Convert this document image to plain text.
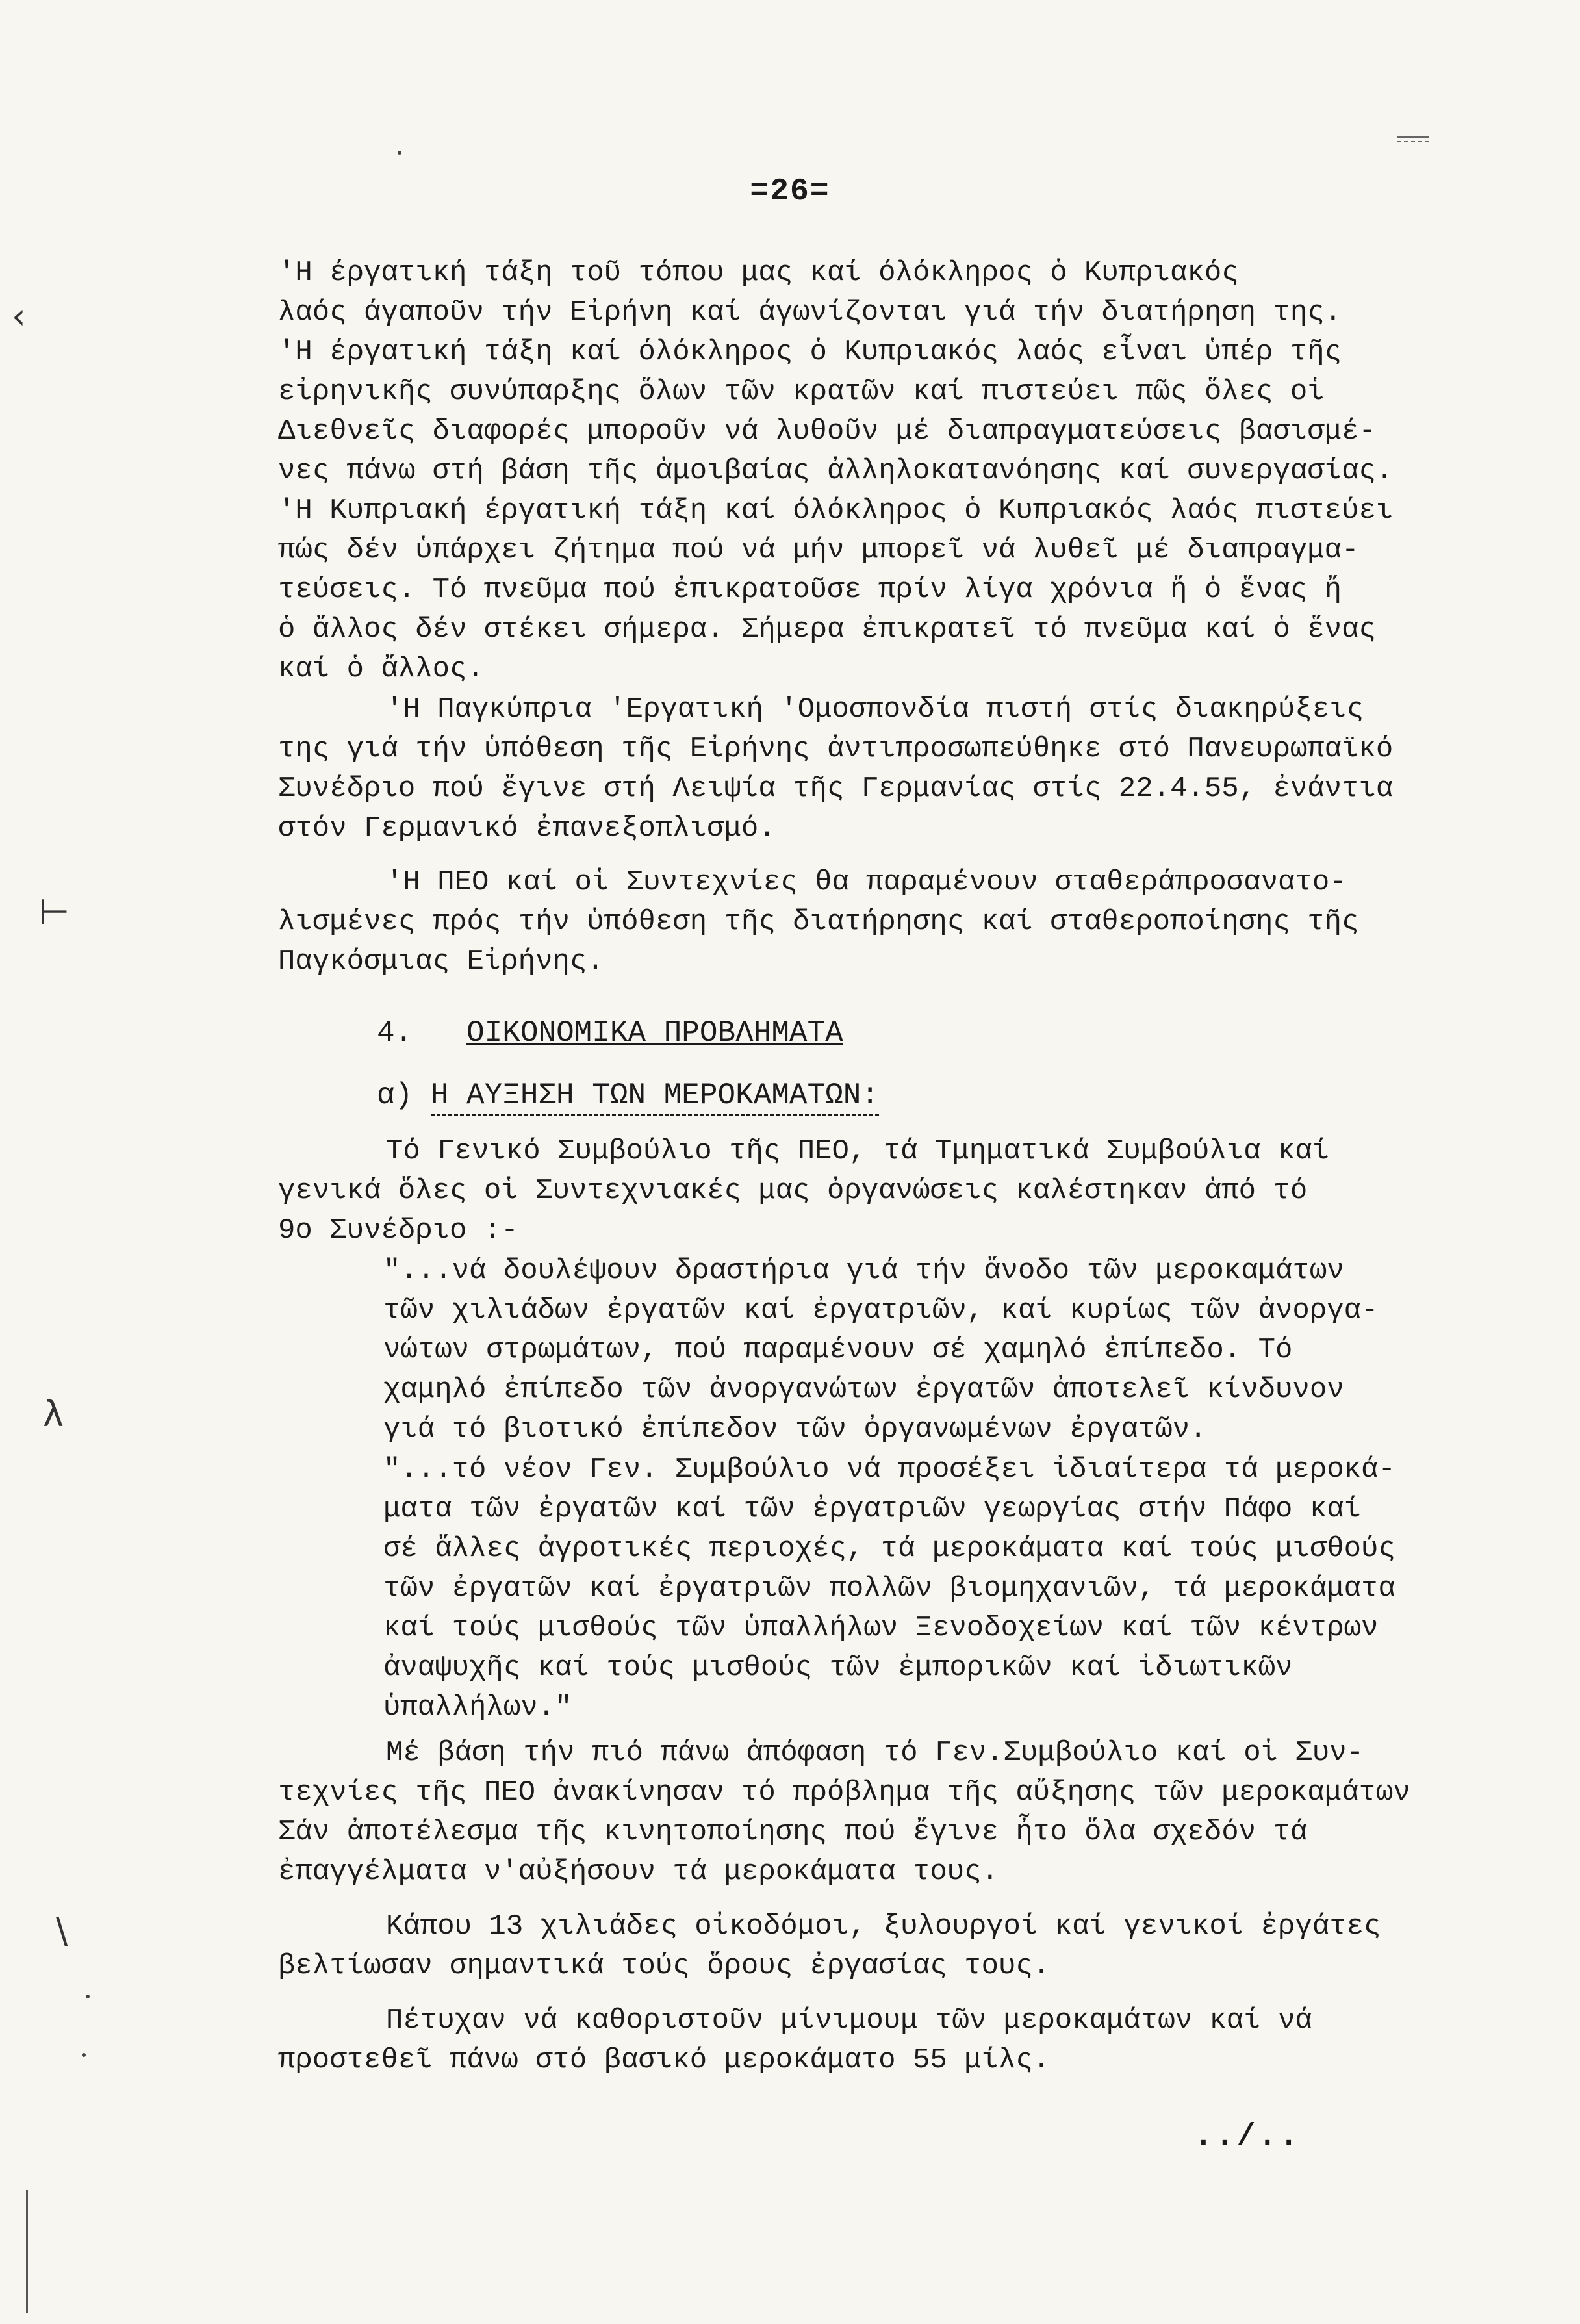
=26=
'Η έργατική τάξη τοῦ τόπου μας καί όλόκληρος ὁ Κυπριακός
λαός άγαποῦν τήν Εἰρήνη καί άγωνίζονται γιά τήν διατήρηση της.
'Η έργατική τάξη καί όλόκληρος ὁ Κυπριακός λαός εἶναι ὑπέρ τῆς
εἰρηνικῆς συνύπαρξης ὅλων τῶν κρατῶν καί πιστεύει πῶς ὅλες οἱ
Διεθνεῖς διαφορές μποροῦν νά λυθοῦν μέ διαπραγματεύσεις βασισμέ-
νες πάνω στή βάση τῆς ἀμοιβαίας ἀλληλοκατανόησης καί συνεργασίας.
'Η Κυπριακή έργατική τάξη καί όλόκληρος ὁ Κυπριακός λαός πιστεύει
πώς δέν ὑπάρχει ζήτημα πού νά μήν μπορεῖ νά λυθεῖ μέ διαπραγμα-
τεύσεις. Τό πνεῦμα πού ἐπικρατοῦσε πρίν λίγα χρόνια ἤ ὁ ἕνας ἤ
ὁ ἄλλος δέν στέκει σήμερα. Σήμερα ἐπικρατεῖ τό πνεῦμα καί ὁ ἕνας
καί ὁ ἄλλος.
'Η Παγκύπρια 'Εργατική 'Ομοσπονδία πιστή στίς διακηρύξεις
της γιά τήν ὑπόθεση τῆς Εἰρήνης ἀντιπροσωπεύθηκε στό Πανευρωπαϊκό
Συνέδριο πού ἔγινε στή Λειψία τῆς Γερμανίας στίς 22.4.55, ἐνάντια
στόν Γερμανικό ἐπανεξοπλισμό.
'Η ΠΕΟ καί οἱ Συντεχνίες θα παραμένουν σταθεράπροσανατο-
λισμένες πρός τήν ὑπόθεση τῆς διατήρησης καί σταθεροποίησης τῆς
Παγκόσμιας Εἰρήνης.
4. ΟΙΚΟΝΟΜΙΚΑ ΠΡΟΒΛΗΜΑΤΑ
α) Η ΑΥΞΗΣΗ ΤΩΝ ΜΕΡΟΚΑΜΑΤΩΝ:
Τό Γενικό Συμβούλιο τῆς ΠΕΟ, τά Τμηματικά Συμβούλια καί
γενικά ὅλες οἱ Συντεχνιακές μας ὀργανώσεις καλέστηκαν ἀπό τό
9ο Συνέδριο :-
"...νά δουλέψουν δραστήρια γιά τήν ἄνοδο τῶν μεροκαμάτων
τῶν χιλιάδων ἐργατῶν καί ἐργατριῶν, καί κυρίως τῶν ἀνοργα-
νώτων στρωμάτων, πού παραμένουν σέ χαμηλό ἐπίπεδο. Τό
χαμηλό ἐπίπεδο τῶν ἀνοργανώτων ἐργατῶν ἀποτελεῖ κίνδυνον
γιά τό βιοτικό ἐπίπεδον τῶν ὀργανωμένων ἐργατῶν.
"...τό νέον Γεν. Συμβούλιο νά προσέξει ἰδιαίτερα τά μεροκά-
ματα τῶν ἐργατῶν καί τῶν ἐργατριῶν γεωργίας στήν Πάφο καί
σέ ἄλλες ἀγροτικές περιοχές, τά μεροκάματα καί τούς μισθούς
τῶν ἐργατῶν καί ἐργατριῶν πολλῶν βιομηχανιῶν, τά μεροκάματα
καί τούς μισθούς τῶν ὑπαλλήλων Ξενοδοχείων καί τῶν κέντρων
ἀναψυχῆς καί τούς μισθούς τῶν ἐμπορικῶν καί ἰδιωτικῶν
ὑπαλλήλων."
Μέ βάση τήν πιό πάνω ἀπόφαση τό Γεν.Συμβούλιο καί οἱ Συν-
τεχνίες τῆς ΠΕΟ ἀνακίνησαν τό πρόβλημα τῆς αὔξησης τῶν μεροκαμάτων
Σάν ἀποτέλεσμα τῆς κινητοποίησης πού ἔγινε ἦτο ὅλα σχεδόν τά
ἐπαγγέλματα ν'αὐξήσουν τά μεροκάματα τους.
Κάπου 13 χιλιάδες οἰκοδόμοι, ξυλουργοί καί γενικοί ἐργάτες
βελτίωσαν σημαντικά τούς ὅρους ἐργασίας τους.
Πέτυχαν νά καθοριστοῦν μίνιμουμ τῶν μεροκαμάτων καί νά
προστεθεῖ πάνω στό βασικό μεροκάματο 55 μίλς.
../..
‹
⊢
λ
\
